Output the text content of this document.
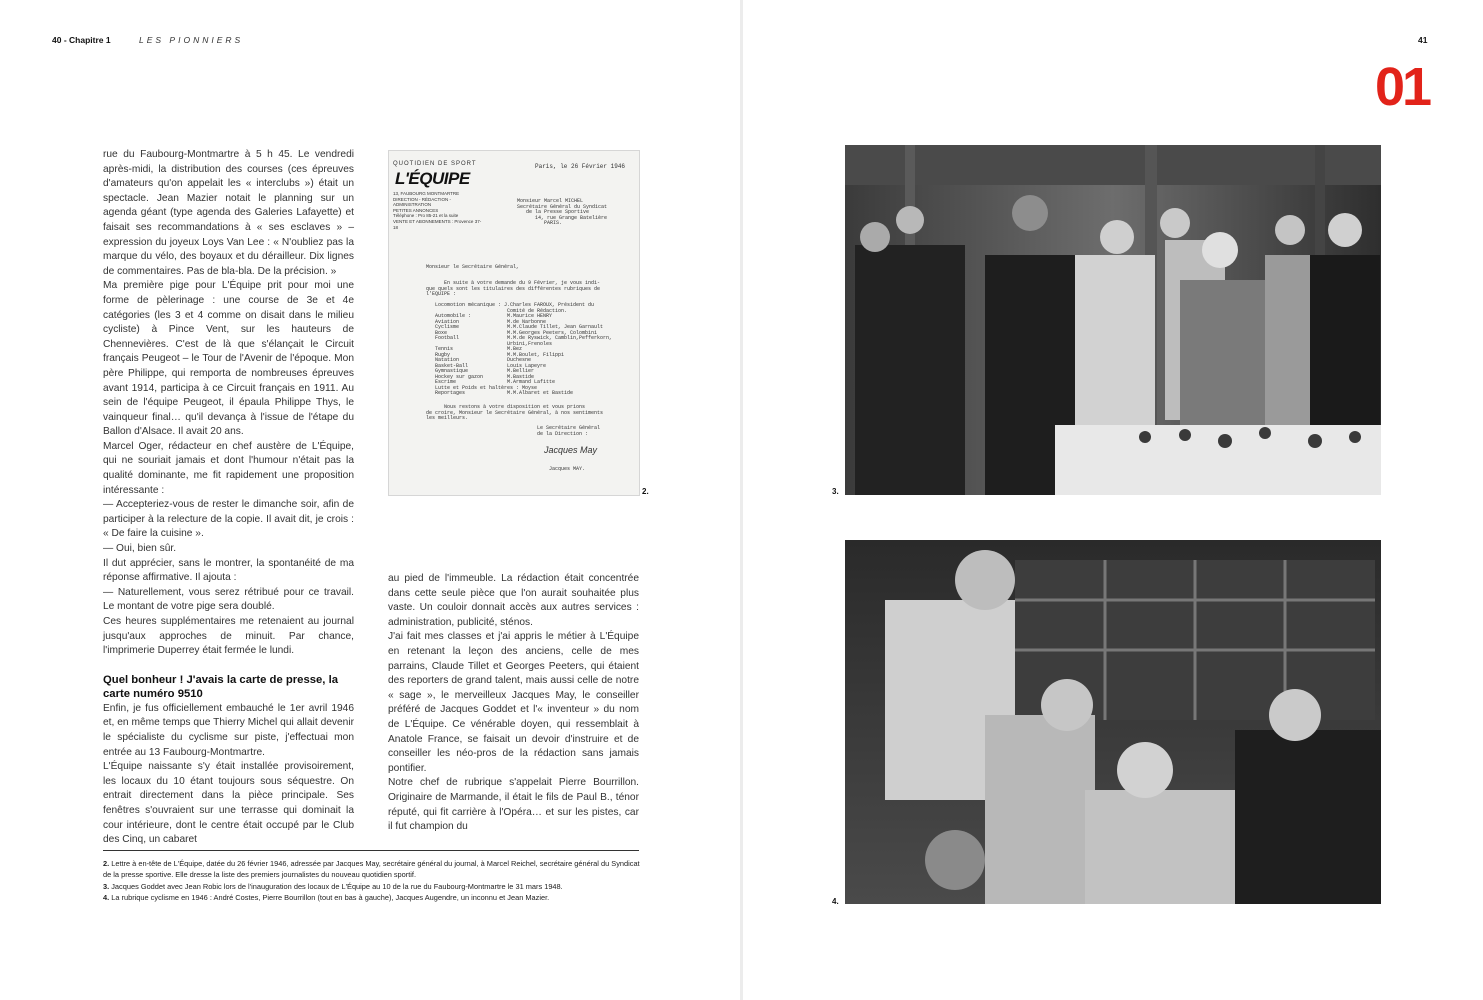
40 - Chapitre 1	LES PIONNIERS

rue du Faubourg-Montmartre à 5 h 45. Le vendredi après-midi, la distribution des courses (ces épreuves d'amateurs qu'on appelait les « interclubs ») était un spectacle. Jean Mazier notait le planning sur un agenda géant (type agenda des Galeries Lafayette) et faisait ses recommandations à « ses esclaves » – expression du joyeux Loys Van Lee : « N'oubliez pas la marque du vélo, des boyaux et du dérailleur. Dix lignes de commentaires. Pas de bla-bla. De la précision. »

Ma première pige pour L'Équipe prit pour moi une forme de pèlerinage : une course de 3e et 4e catégories (les 3 et 4 comme on disait dans le milieu cycliste) à Pince Vent, sur les hauteurs de Chennevières. C'est de là que s'élançait le Circuit français Peugeot – le Tour de l'Avenir de l'époque. Mon père Philippe, qui remporta de nombreuses épreuves avant 1914, participa à ce Circuit français en 1911. Au sein de l'équipe Peugeot, il épaula Philippe Thys, le vainqueur final… qu'il devança à l'issue de l'étape du Ballon d'Alsace. Il avait 20 ans.

Marcel Oger, rédacteur en chef austère de L'Équipe, qui ne souriait jamais et dont l'humour n'était pas la qualité dominante, me fit rapidement une proposition intéressante :

— Accepteriez-vous de rester le dimanche soir, afin de participer à la relecture de la copie. Il avait dit, je crois : « De faire la cuisine ».

— Oui, bien sûr.

Il dut apprécier, sans le montrer, la spontanéité de ma réponse affirmative. Il ajouta :

— Naturellement, vous serez rétribué pour ce travail. Le montant de votre pige sera doublé.

Ces heures supplémentaires me retenaient au journal jusqu'aux approches de minuit. Par chance, l'imprimerie Duperrey était fermée le lundi.

Quel bonheur ! J'avais la carte de presse, la carte numéro 9510

Enfin, je fus officiellement embauché le 1er avril 1946 et, en même temps que Thierry Michel qui allait devenir le spécialiste du cyclisme sur piste, j'effectuai mon entrée au 13 Faubourg-Montmartre.

L'Équipe naissante s'y était installée provisoirement, les locaux du 10 étant toujours sous séquestre. On entrait directement dans la pièce principale. Ses fenêtres s'ouvraient sur une terrasse qui dominait la cour intérieure, dont le centre était occupé par le Club des Cinq, un cabaret

QUOTIDIEN DE SPORT
L'ÉQUIPE
13, FAUBOURG MONTMARTRE
DIRECTION - RÉDACTION - ADMINISTRATION
PETITES ANNONCES
Téléphone : Pro 85-21 et la suite
VENTE ET ABONNEMENTS : Provence 37-18
Paris, le 26 Février 1946
Monsieur Marcel MICHEL
Secrétaire Général du Syndicat
de la Presse Sportive
14, rue Grange Batelière
PARIS.
Monsieur le Secrétaire Général,
En suite à votre demande du 9 Février, je vous indi-
que quels sont les titulaires des différentes rubriques de
l'EQUIPE :
Locomotion mécanique : J.Charles FAROUX, Président du
Comité de Rédaction.
Automobile :            M.Maurice HENRY
Aviation                M.de Narbonne
Cyclisme                M.M.Claude Tillet, Jean Garnault
Boxe                    M.M.Georges Peeters, Colombini
Football                M.M.de Ryswick, Camblin,Pefferkorn,
Urbini,Frenoles
Tennis                  M.Bez
Rugby                   M.M.Boulet, Filippi
Natation                Duchesne
Basket-Ball             Louis Lapeyre
Gymnastique             M.Bellier
Hockey sur gazon        M.Bastide
Escrime                 M.Armand Lafitte
Lutte et Poids et haltères : Moyse
Reportages              M.M.Albaret et Bastide
Nous restons à votre disposition et vous prions
de croire, Monsieur le Secrétaire Général, à nos sentiments
les meilleurs.
Le Secrétaire Général
de la Direction :
Jacques May
Jacques MAY.
2.

au pied de l'immeuble. La rédaction était concentrée dans cette seule pièce que l'on aurait souhaitée plus vaste. Un couloir donnait accès aux autres services : administration, publicité, sténos.

J'ai fait mes classes et j'ai appris le métier à L'Équipe en retenant la leçon des anciens, celle de mes parrains, Claude Tillet et Georges Peeters, qui étaient des reporters de grand talent, mais aussi celle de notre « sage », le merveilleux Jacques May, le conseiller préféré de Jacques Goddet et l'« inventeur » du nom de L'Équipe. Ce vénérable doyen, qui ressemblait à Anatole France, se faisait un devoir d'instruire et de conseiller les néo-pros de la rédaction sans jamais pontifier.

Notre chef de rubrique s'appelait Pierre Bourrillon. Originaire de Marmande, il était le fils de Paul B., ténor réputé, qui fit carrière à l'Opéra… et sur les pistes, car il fut champion du

2. Lettre à en-tête de L'Équipe, datée du 26 février 1946, adressée par Jacques May, secrétaire général du journal, à Marcel Reichel, secrétaire général du Syndicat de la presse sportive. Elle dresse la liste des premiers journalistes du nouveau quotidien sportif.

3. Jacques Goddet avec Jean Robic lors de l'inauguration des locaux de L'Équipe au 10 de la rue du Faubourg-Montmartre le 31 mars 1948.

4. La rubrique cyclisme en 1946 : André Costes, Pierre Bourrillon (tout en bas à gauche), Jacques Augendre, un inconnu et Jean Mazier.

41
01
3.
4.
